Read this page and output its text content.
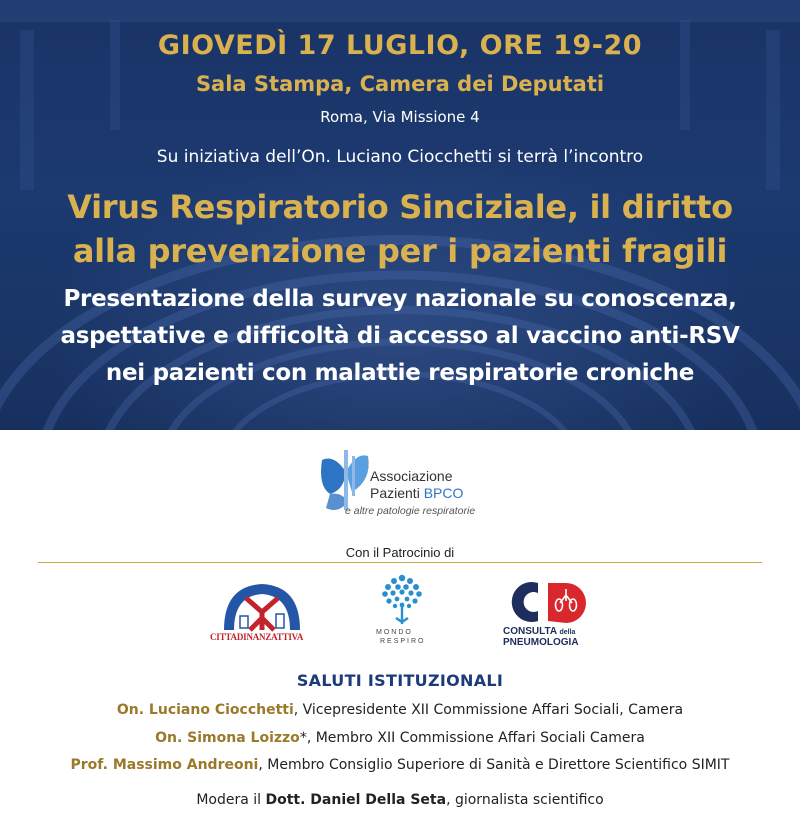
GIOVEDÌ 17 LUGLIO, ORE 19-20
Sala Stampa, Camera dei Deputati
Roma, Via Missione 4
Su iniziativa dell’On. Luciano Ciocchetti si terrà l’incontro
Virus Respiratorio Sinciziale, il diritto
alla prevenzione per i pazienti fragili
Presentazione della survey nazionale su conoscenza,
aspettative e difficoltà di accesso al vaccino anti-RSV
nei pazienti con malattie respiratorie croniche
Associazione
Pazienti BPCO
e altre patologie respiratorie
Con il Patrocinio di
CITTADINANZATTIVA	MONDO
RESPIRO
CONSULTA della
PNEUMOLOGIA
SALUTI ISTITUZIONALI
On. Luciano Ciocchetti, Vicepresidente XII Commissione Affari Sociali, Camera
On. Simona Loizzo*, Membro XII Commissione Affari Sociali Camera
Prof. Massimo Andreoni, Membro Consiglio Superiore di Sanità e Direttore Scientifico SIMIT
Modera il Dott. Daniel Della Seta, giornalista scientifico
